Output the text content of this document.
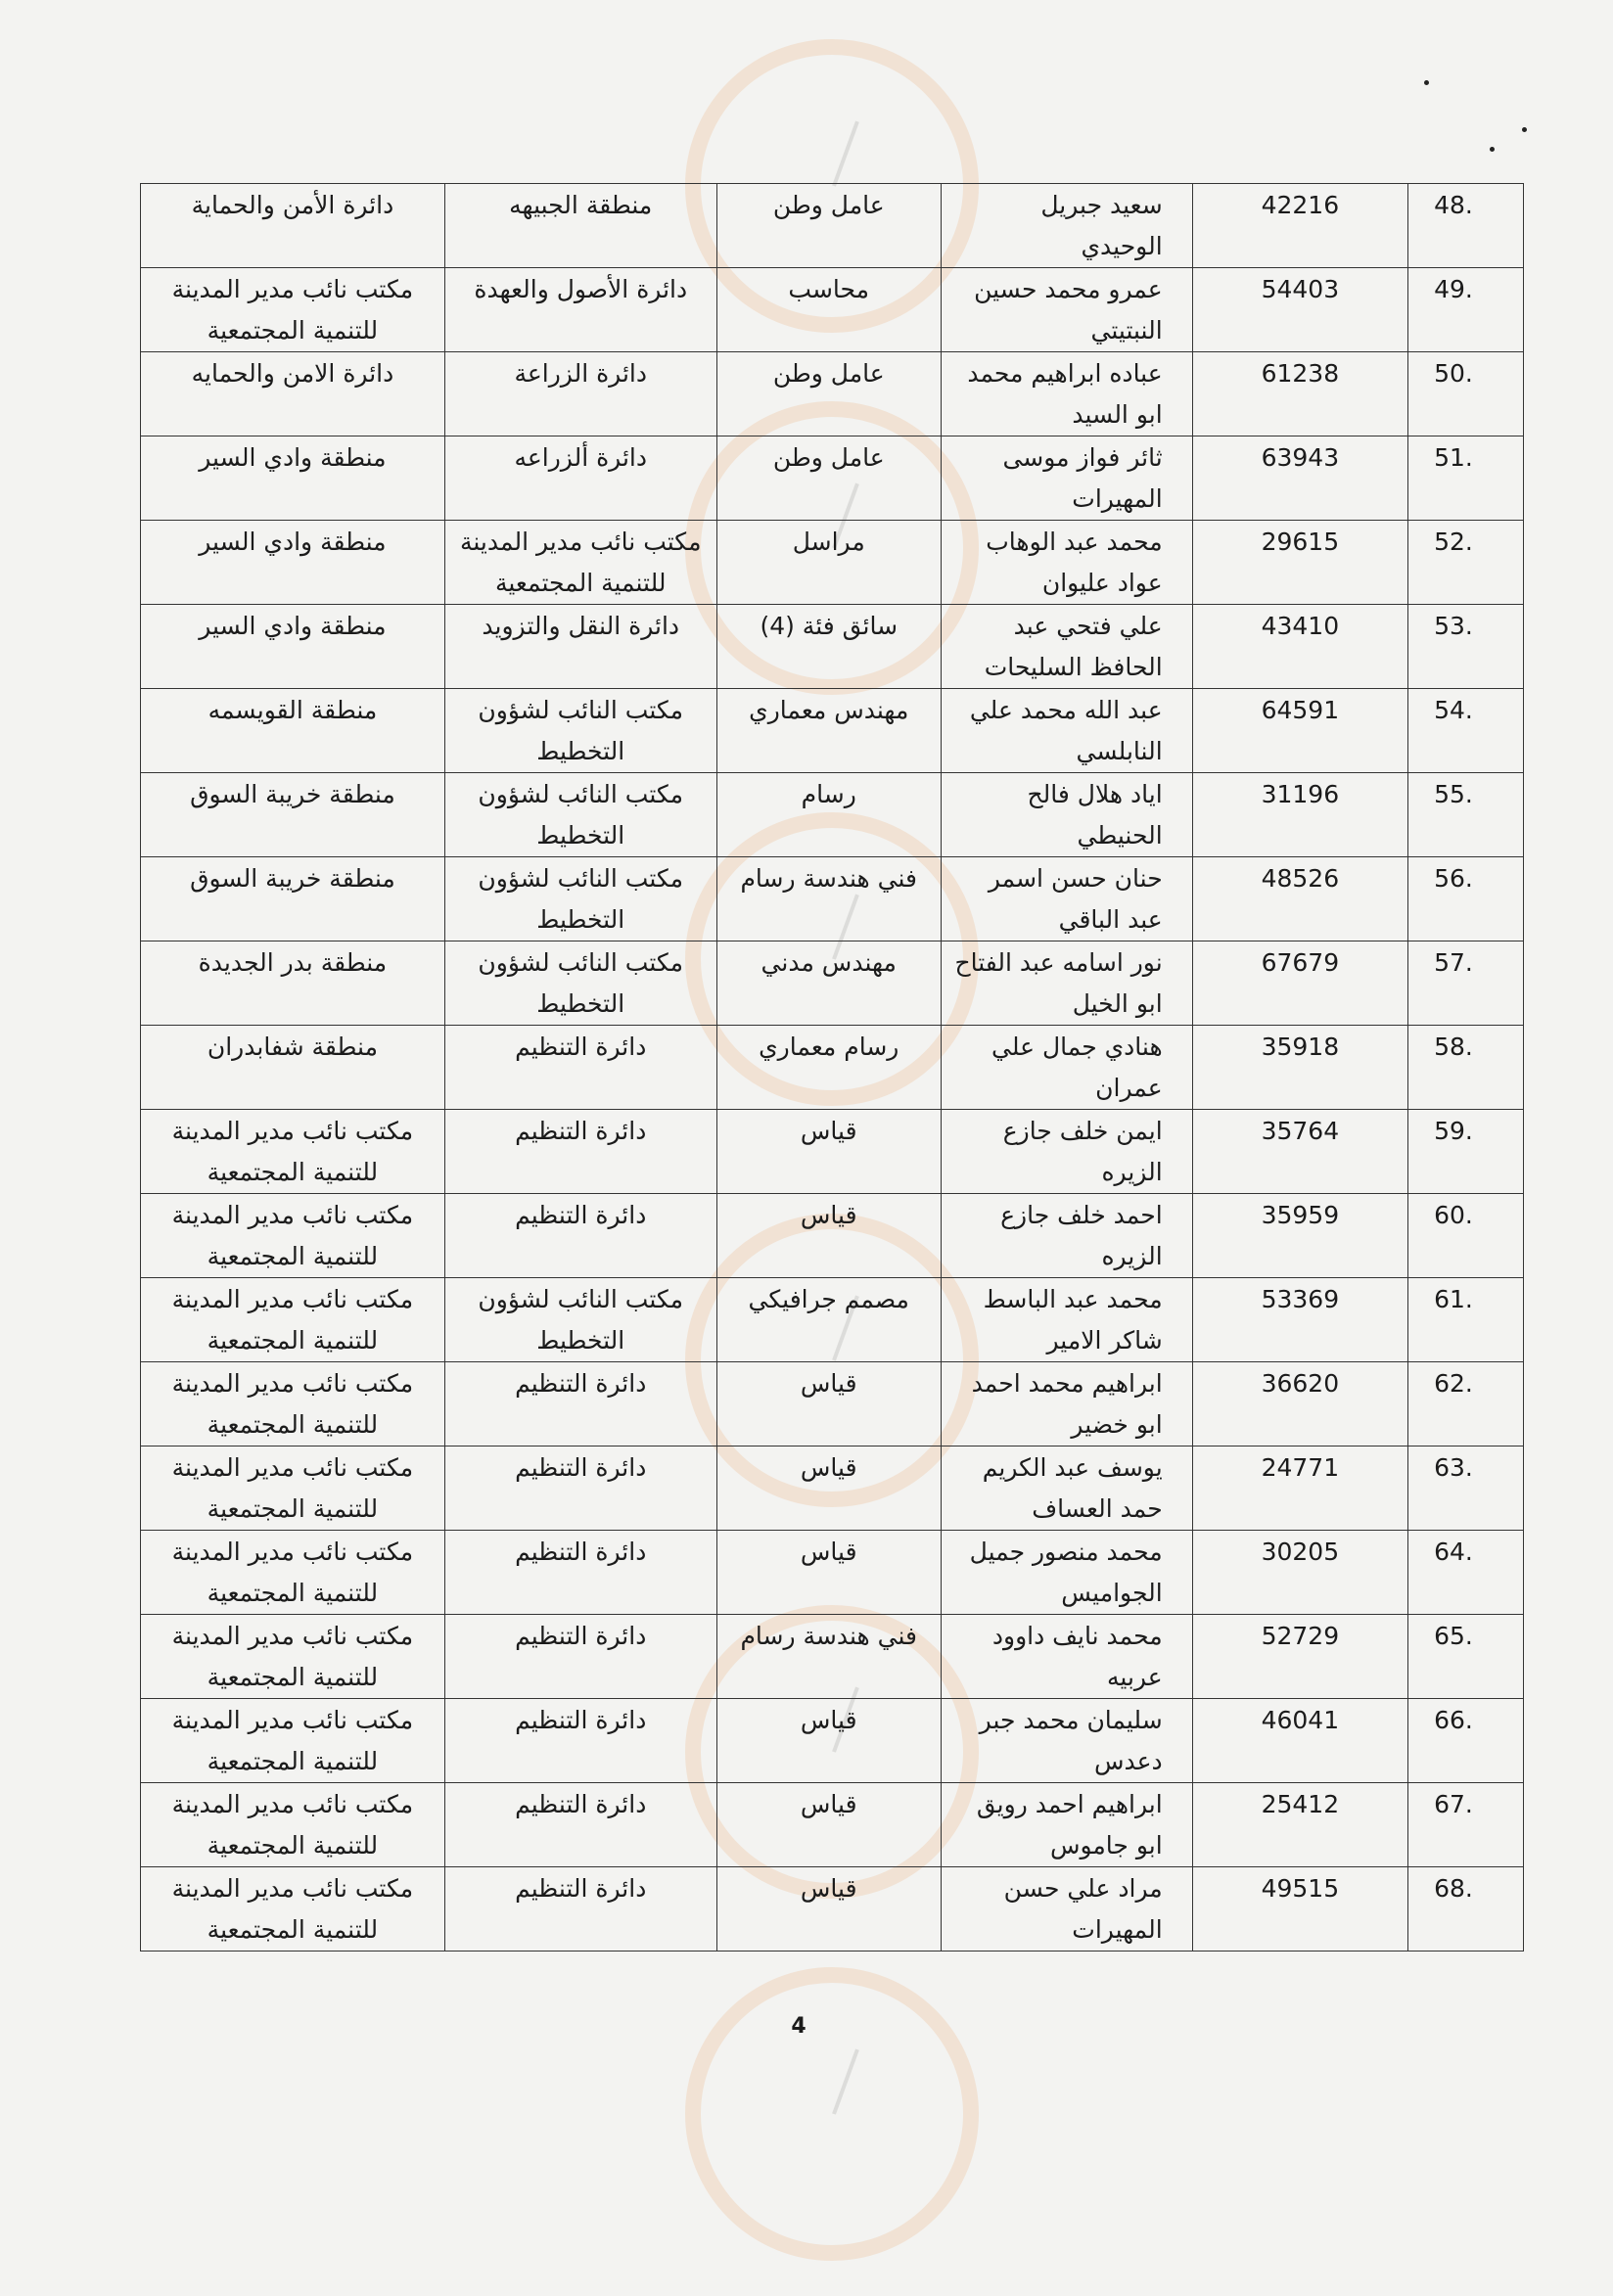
48.	42216	سعيد جبريل الوحيدي	عامل وطن	منطقة الجبيهه	دائرة الأمن والحماية
49.	54403	عمرو محمد حسين النبتيتي	محاسب	دائرة الأصول والعهدة	مكتب نائب مدير المدينة للتنمية المجتمعية
50.	61238	عباده ابراهيم محمد ابو السيد	عامل وطن	دائرة الزراعة	دائرة الامن والحمايه
51.	63943	ثائر فواز موسى المهيرات	عامل وطن	دائرة ألزراعه	منطقة وادي السير
52.	29615	محمد عبد الوهاب عواد عليوان	مراسل	مكتب نائب مدير المدينة للتنمية المجتمعية	منطقة وادي السير
53.	43410	علي فتحي عبد الحافظ السليحات	سائق فئة (4)	دائرة النقل والتزويد	منطقة وادي السير
54.	64591	عبد الله محمد علي النابلسي	مهندس معماري	مكتب النائب لشؤون التخطيط	منطقة القويسمه
55.	31196	اياد هلال فالح الحنيطي	رسام	مكتب النائب لشؤون التخطيط	منطقة خريبة السوق
56.	48526	حنان حسن اسمر عبد الباقي	فني هندسة رسام	مكتب النائب لشؤون التخطيط	منطقة خريبة السوق
57.	67679	نور اسامه عبد الفتاح ابو الخيل	مهندس مدني	مكتب النائب لشؤون التخطيط	منطقة بدر الجديدة
58.	35918	هنادي جمال علي عمران	رسام معماري	دائرة التنظيم	منطقة شفابدران
59.	35764	ايمن خلف جازع الزيره	قياس	دائرة التنظيم	مكتب نائب مدير المدينة للتنمية المجتمعية
60.	35959	احمد خلف جازع الزيره	قياس	دائرة التنظيم	مكتب نائب مدير المدينة للتنمية المجتمعية
61.	53369	محمد عبد الباسط شاكر الامير	مصمم جرافيكي	مكتب النائب لشؤون التخطيط	مكتب نائب مدير المدينة للتنمية المجتمعية
62.	36620	ابراهيم محمد احمد ابو خضير	قياس	دائرة التنظيم	مكتب نائب مدير المدينة للتنمية المجتمعية
63.	24771	يوسف عبد الكريم حمد العساف	قياس	دائرة التنظيم	مكتب نائب مدير المدينة للتنمية المجتمعية
64.	30205	محمد منصور جميل الجواميس	قياس	دائرة التنظيم	مكتب نائب مدير المدينة للتنمية المجتمعية
65.	52729	محمد نايف داوود عربيه	فني هندسة رسام	دائرة التنظيم	مكتب نائب مدير المدينة للتنمية المجتمعية
66.	46041	سليمان محمد جبر دعدس	قياس	دائرة التنظيم	مكتب نائب مدير المدينة للتنمية المجتمعية
67.	25412	ابراهيم احمد رويق ابو جاموس	قياس	دائرة التنظيم	مكتب نائب مدير المدينة للتنمية المجتمعية
68.	49515	مراد علي حسن المهيرات	قياس	دائرة التنظيم	مكتب نائب مدير المدينة للتنمية المجتمعية
4
